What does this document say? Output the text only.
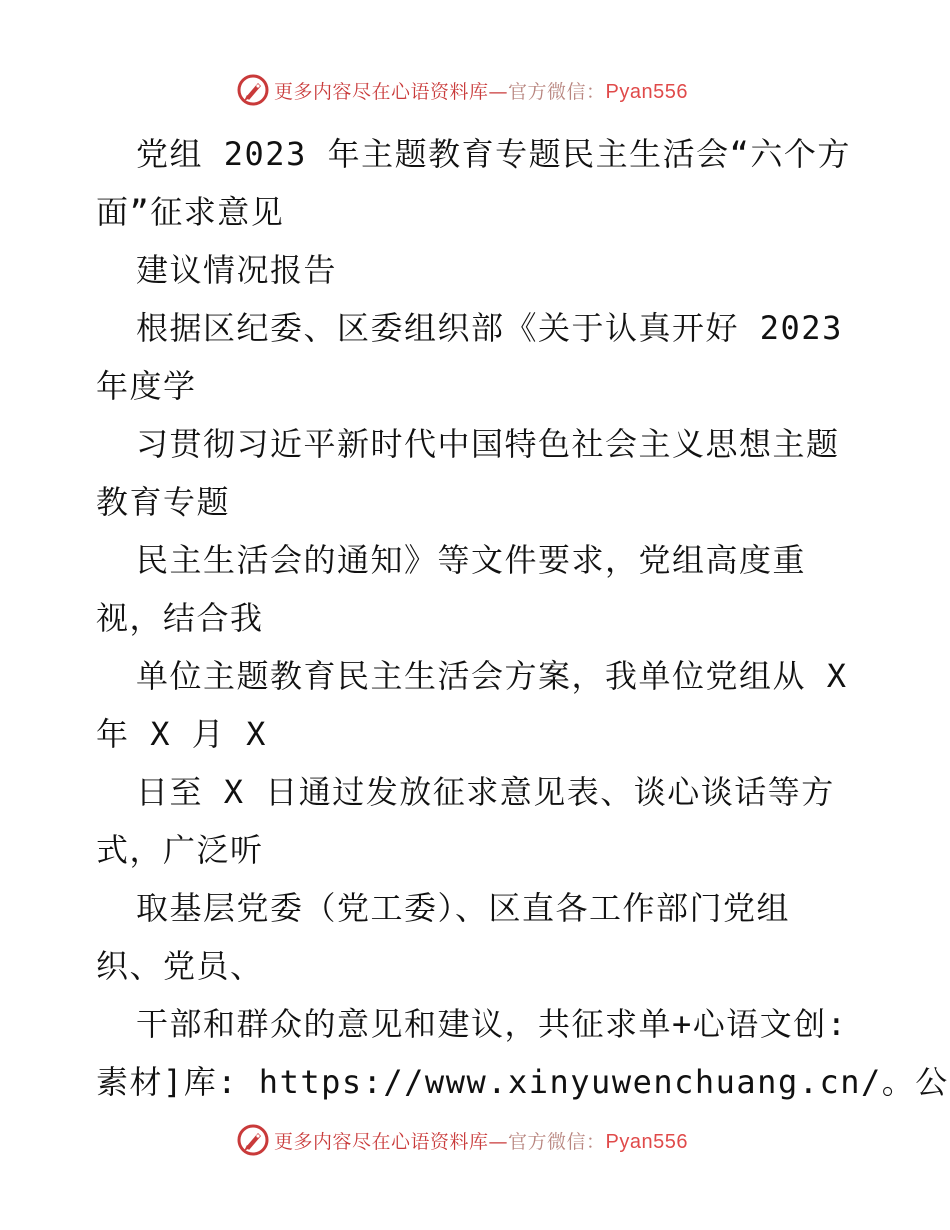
更多内容尽在心语资料库—官方微信：Pyan556
党组 2023 年主题教育专题民主生活会“六个方
面”征求意见
建议情况报告
根据区纪委、区委组织部《关于认真开好 2023
年度学
习贯彻习近平新时代中国特色社会主义思想主题
教育专题
民主生活会的通知》等文件要求，党组高度重
视，结合我
单位主题教育民主生活会方案，我单位党组从 X
年 X 月 X
日至 X 日通过发放征求意见表、谈心谈话等方
式，广泛听
取基层党委（党工委）、区直各工作部门党组
织、党员、
干部和群众的意见和建议，共征求单+心语文创:
素材]库: https://www.xinyuwenchuang.cn/。公
更多内容尽在心语资料库—官方微信：Pyan556
